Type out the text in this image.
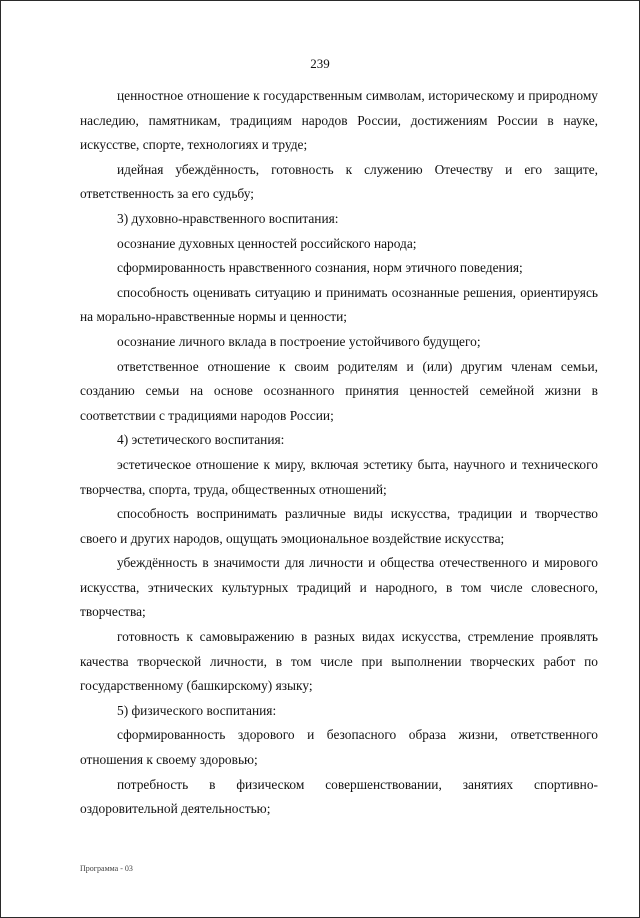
239

ценностное отношение к государственным символам, историческому и природному наследию, памятникам, традициям народов России, достижениям России в науке, искусстве, спорте, технологиях и труде;

идейная убеждённость, готовность к служению Отечеству и его защите, ответственность за его судьбу;

3) духовно-нравственного воспитания:

осознание духовных ценностей российского народа;

сформированность нравственного сознания, норм этичного поведения;

способность оценивать ситуацию и принимать осознанные решения, ориентируясь на морально-нравственные нормы и ценности;

осознание личного вклада в построение устойчивого будущего;

ответственное отношение к своим родителям и (или) другим членам семьи, созданию семьи на основе осознанного принятия ценностей семейной жизни в соответствии с традициями народов России;

4) эстетического воспитания:

эстетическое отношение к миру, включая эстетику быта, научного и технического творчества, спорта, труда, общественных отношений;

способность воспринимать различные виды искусства, традиции и творчество своего и других народов, ощущать эмоциональное воздействие искусства;

убеждённость в значимости для личности и общества отечественного и мирового искусства, этнических культурных традиций и народного, в том числе словесного, творчества;

готовность к самовыражению в разных видах искусства, стремление проявлять качества творческой личности, в том числе при выполнении творческих работ по государственному (башкирскому) языку;

5) физического воспитания:

сформированность здорового и безопасного образа жизни, ответственного отношения к своему здоровью;

потребность в физическом совершенствовании, занятиях спортивно-оздоровительной деятельностью;

Программа - 03
